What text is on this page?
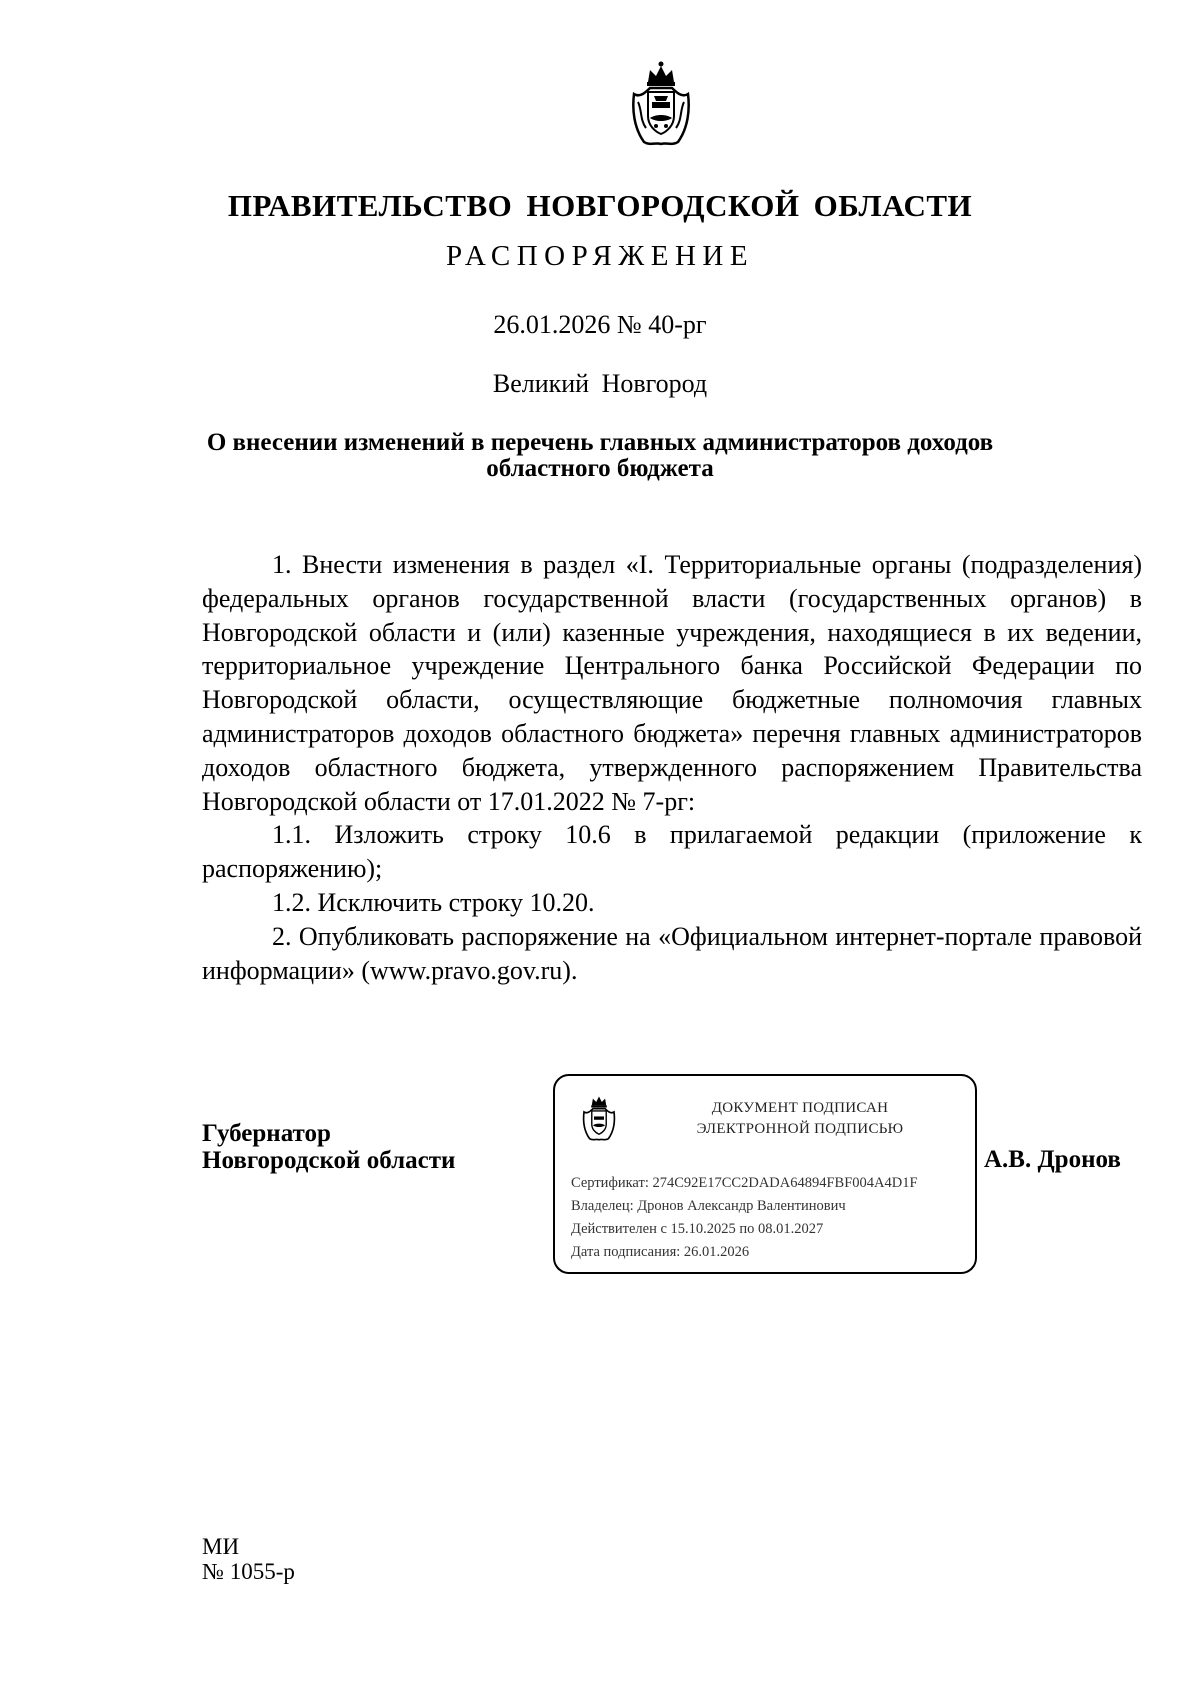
ПРАВИТЕЛЬСТВО НОВГОРОДСКОЙ ОБЛАСТИ
РАСПОРЯЖЕНИЕ
26.01.2026 № 40-рг
Великий Новгород
О внесении изменений в перечень главных администраторов доходов
областного бюджета

1. Внести изменения в раздел «I. Территориальные органы (подразделения) федеральных органов государственной власти (государственных органов) в Новгородской области и (или) казенные учреждения, находящиеся в их ведении, территориальное учреждение Центрального банка Российской Федерации по Новгородской области, осуществляющие бюджетные полномочия главных администраторов доходов областного бюджета» перечня главных администраторов доходов областного бюджета, утвержденного распоряжением Правительства Новгородской области от 17.01.2022 № 7-рг:

1.1. Изложить строку 10.6 в прилагаемой редакции (приложение к распоряжению);

1.2. Исключить строку 10.20.

2. Опубликовать распоряжение на «Официальном интернет-портале правовой информации» (www.pravo.gov.ru).

Губернатор
Новгородской области
ДОКУМЕНТ ПОДПИСАН
ЭЛЕКТРОННОЙ ПОДПИСЬЮ
Сертификат: 274C92E17CC2DADA64894FBF004A4D1F
Владелец: Дронов Александр Валентинович
Действителен с 15.10.2025 по 08.01.2027
Дата подписания: 26.01.2026
А.В. Дронов
МИ
№ 1055-р
